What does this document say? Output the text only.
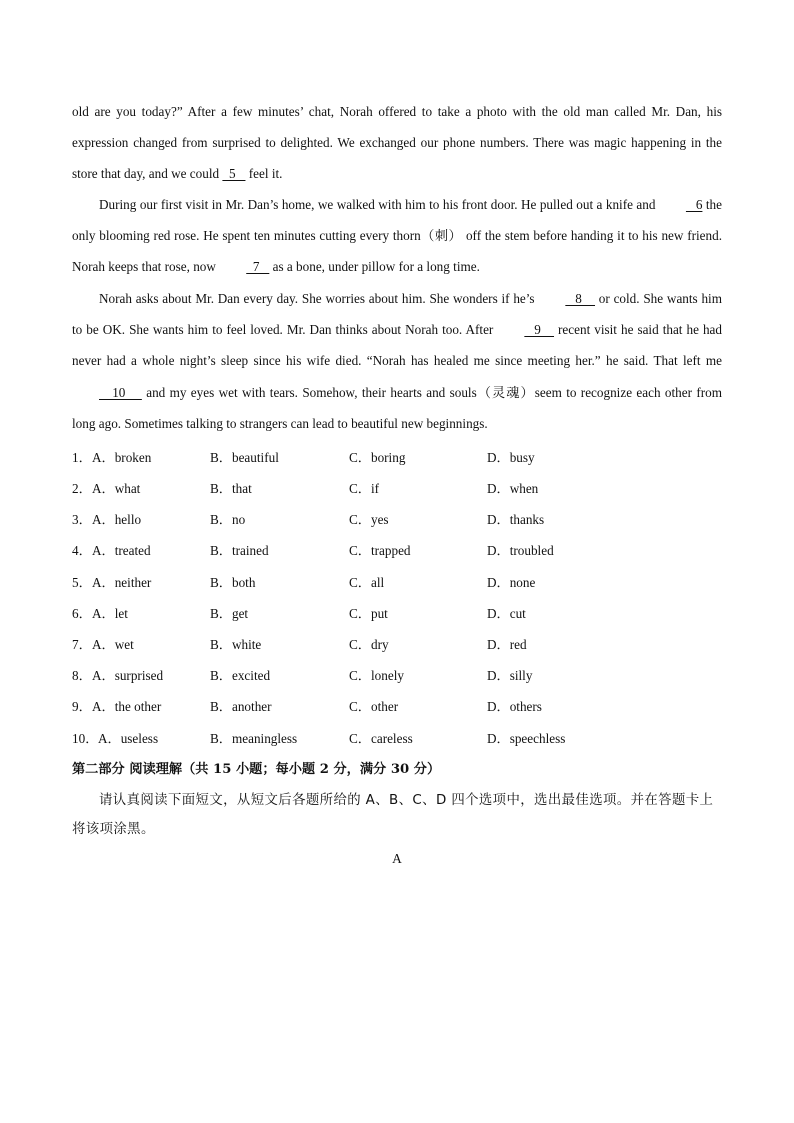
old are you today?” After a few minutes’ chat, Norah offered to take a photo with the old man called Mr. Dan, his expression changed from surprised to delighted. We exchanged our phone numbers. There was magic happening in the store that day, and we could   5    feel it.

During our first visit in Mr. Dan’s home, we walked with him to his front door. He pulled out a knife and    6 the only blooming red rose. He spent ten minutes cutting every thorn（刺） off the stem before handing it to his new friend. Norah keeps that rose, now   7    as a bone, under pillow for a long time.

Norah asks about Mr. Dan every day. She worries about him. She wonders if he’s    8     or cold. She wants him to be OK. She wants him to feel loved. Mr. Dan thinks about Norah too. After    9     recent visit he said that he had never had a whole night’s sleep since his wife died. “Norah has healed me since meeting her.” he said. That left me     10      and my eyes wet with tears. Somehow, their hearts and souls（灵魂）seem to recognize each other from long ago. Sometimes talking to strangers can lead to beautiful new beginnings.

1． A．broken	B．beautiful	C．boring	D．busy
2． A．what	B．that	C．if	D．when
3． A．hello	B．no	C．yes	D．thanks
4． A．treated	B．trained	C．trapped	D．troubled
5． A．neither	B．both	C．all	D．none
6． A．let	B．get	C．put	D．cut
7． A．wet	B．white	C．dry	D．red
8． A．surprised	B．excited	C．lonely	D．silly
9． A．the other	B．another	C．other	D．others
10． A．useless	B．meaningless	C．careless	D．speechless
第二部分 阅读理解（共 15 小题；每小题 2 分，满分 30 分）

请认真阅读下面短文，从短文后各题所给的 A、B、C、D 四个选项中，选出最佳选项。并在答题卡上将该项涂黑。

A
